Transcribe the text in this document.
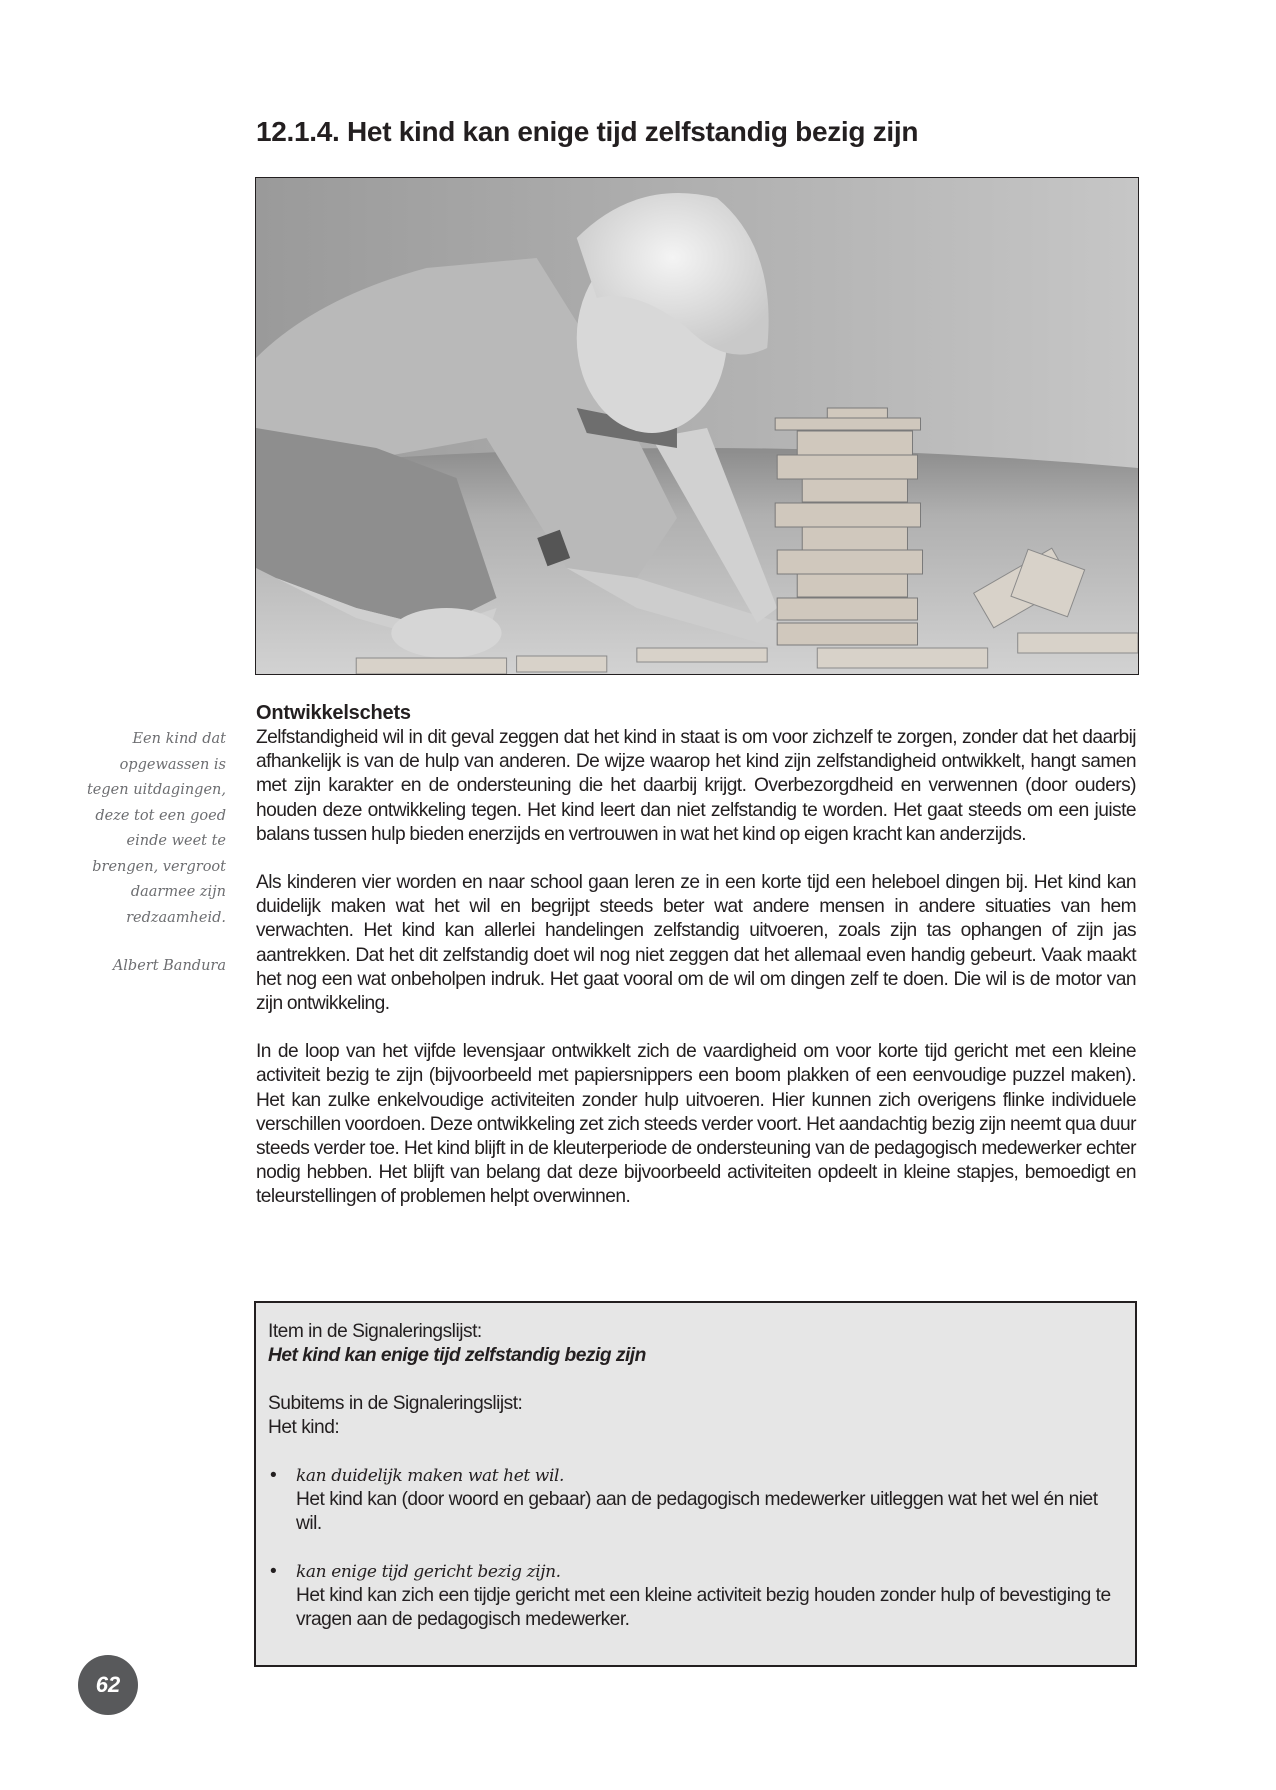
12.1.4. Het kind kan enige tijd zelfstandig bezig zijn
Een kind dat
opgewassen is
tegen uitdagingen,
deze tot een goed
einde weet te
brengen, vergroot
daarmee zijn
redzaamheid.
Albert Bandura
Ontwikkelschets

Zelfstandigheid wil in dit geval zeggen dat het kind in staat is om voor zichzelf te zorgen, zonder dat het daarbij afhankelijk is van de hulp van anderen. De wijze waarop het kind zijn zelfstandigheid ontwikkelt, hangt samen met zijn karakter en de ondersteuning die het daarbij krijgt. Overbezorgdheid en verwennen (door ouders) houden deze ontwikkeling tegen. Het kind leert dan niet zelfstandig te worden. Het gaat steeds om een juiste balans tussen hulp bieden enerzijds en vertrouwen in wat het kind op eigen kracht kan anderzijds.

Als kinderen vier worden en naar school gaan leren ze in een korte tijd een heleboel dingen bij. Het kind kan duidelijk maken wat het wil en begrijpt steeds beter wat andere mensen in andere situaties van hem verwachten. Het kind kan allerlei handelingen zelfstandig uitvoeren, zoals zijn tas ophangen of zijn jas aantrekken. Dat het dit zelfstandig doet wil nog niet zeggen dat het allemaal even handig gebeurt. Vaak maakt het nog een wat onbeholpen indruk. Het gaat vooral om de wil om dingen zelf te doen. Die wil is de motor van zijn ontwikkeling.

In de loop van het vijfde levensjaar ontwikkelt zich de vaardigheid om voor korte tijd gericht met een kleine activiteit bezig te zijn (bijvoorbeeld met papiersnippers een boom plakken of een eenvoudige puzzel maken). Het kan zulke enkelvoudige activiteiten zonder hulp uitvoeren. Hier kunnen zich overigens flinke individuele verschillen voordoen. Deze ontwikkeling zet zich steeds verder voort. Het aandachtig bezig zijn neemt qua duur steeds verder toe. Het kind blijft in de kleuterperiode de ondersteuning van de pedagogisch medewerker echter nodig hebben. Het blijft van belang dat deze bijvoorbeeld activiteiten opdeelt in kleine stapjes, bemoedigt en teleurstellingen of problemen helpt overwinnen.

Item in de Signaleringslijst:
Het kind kan enige tijd zelfstandig bezig zijn
Subitems in de Signaleringslijst:
Het kind:
• kan duidelijk maken wat het wil.
Het kind kan (door woord en gebaar) aan de pedagogisch medewerker uitleggen wat het wel én niet wil.
• kan enige tijd gericht bezig zijn.
Het kind kan zich een tijdje gericht met een kleine activiteit bezig houden zonder hulp of bevestiging te vragen aan de pedagogisch medewerker.
62
